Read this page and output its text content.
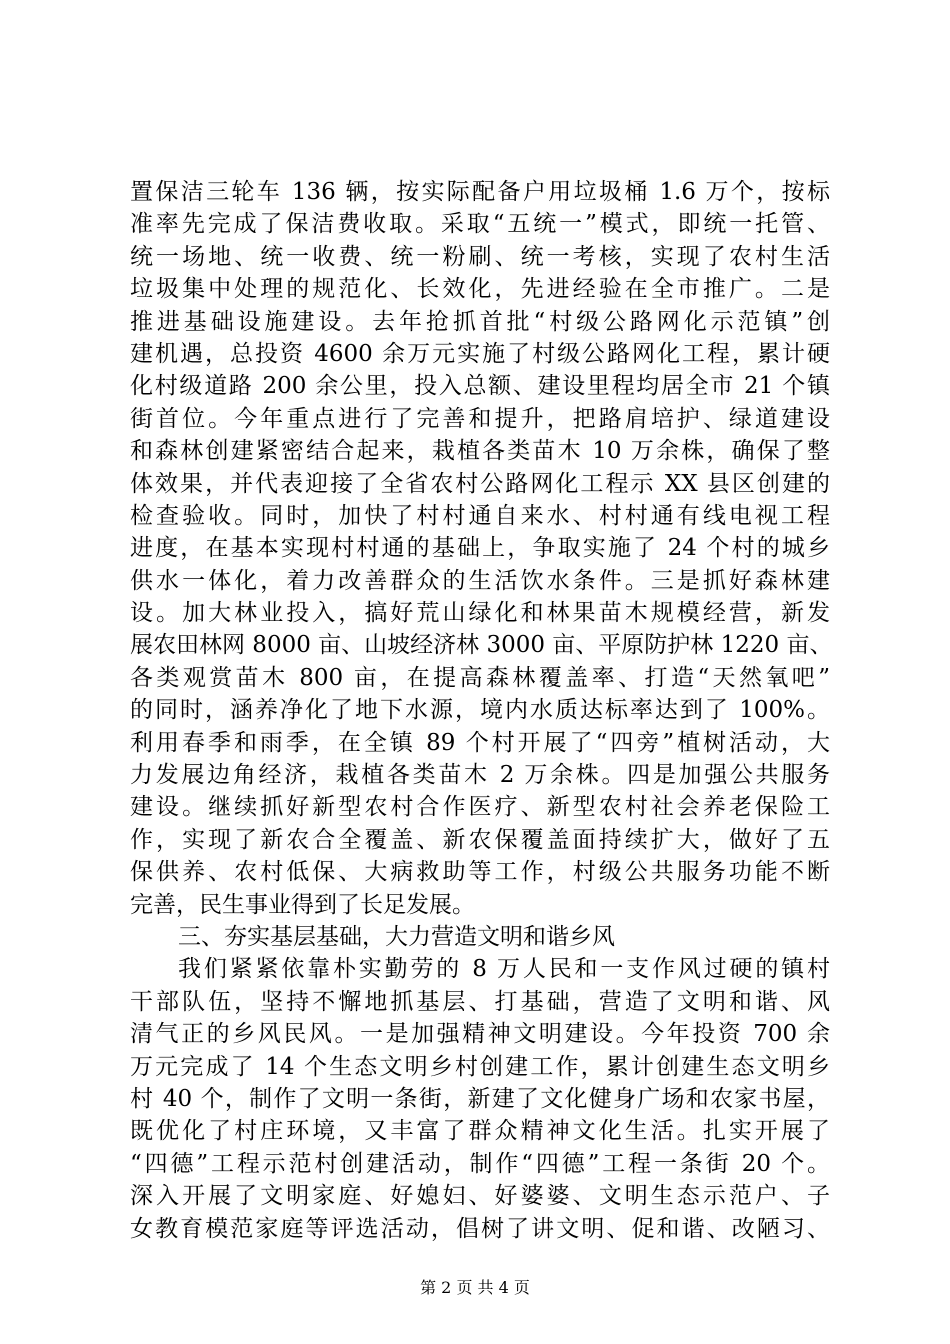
置保洁三轮车 136 辆，按实际配备户用垃圾桶 1.6 万个，按标
准率先完成了保洁费收取。采取“五统一”模式，即统一托管、
统一场地、统一收费、统一粉刷、统一考核，实现了农村生活
垃圾集中处理的规范化、长效化，先进经验在全市推广。二是
推进基础设施建设。去年抢抓首批“村级公路网化示范镇”创
建机遇，总投资 4600 余万元实施了村级公路网化工程，累计硬
化村级道路 200 余公里，投入总额、建设里程均居全市 21 个镇
街首位。今年重点进行了完善和提升，把路肩培护、绿道建设
和森林创建紧密结合起来，栽植各类苗木 10 万余株，确保了整
体效果，并代表迎接了全省农村公路网化工程示 XX 县区创建的
检查验收。同时，加快了村村通自来水、村村通有线电视工程
进度，在基本实现村村通的基础上，争取实施了 24 个村的城乡
供水一体化，着力改善群众的生活饮水条件。三是抓好森林建
设。加大林业投入，搞好荒山绿化和林果苗木规模经营，新发
展农田林网 8000 亩、山坡经济林 3000 亩、平原防护林 1220 亩、
各类观赏苗木 800 亩，在提高森林覆盖率、打造“天然氧吧”
的同时，涵养净化了地下水源，境内水质达标率达到了 100%。
利用春季和雨季，在全镇 89 个村开展了“四旁”植树活动，大
力发展边角经济，栽植各类苗木 2 万余株。四是加强公共服务
建设。继续抓好新型农村合作医疗、新型农村社会养老保险工
作，实现了新农合全覆盖、新农保覆盖面持续扩大，做好了五
保供养、农村低保、大病救助等工作，村级公共服务功能不断
完善，民生事业得到了长足发展。
三、夯实基层基础，大力营造文明和谐乡风
我们紧紧依靠朴实勤劳的 8 万人民和一支作风过硬的镇村
干部队伍，坚持不懈地抓基层、打基础，营造了文明和谐、风
清气正的乡风民风。一是加强精神文明建设。今年投资 700 余
万元完成了 14 个生态文明乡村创建工作，累计创建生态文明乡
村 40 个，制作了文明一条街，新建了文化健身广场和农家书屋，
既优化了村庄环境，又丰富了群众精神文化生活。扎实开展了
“四德”工程示范村创建活动，制作“四德”工程一条街 20 个。
深入开展了文明家庭、好媳妇、好婆婆、文明生态示范户、子
女教育模范家庭等评选活动，倡树了讲文明、促和谐、改陋习、
第 2 页 共 4 页
